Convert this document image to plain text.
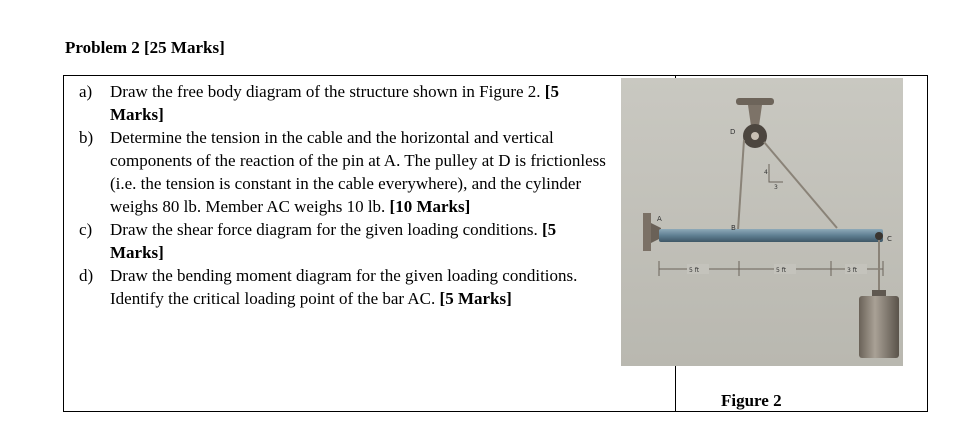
Problem 2 [25 Marks]
a)	Draw the free body diagram of the structure shown in Figure 2. [5 Marks]
b) Determine the tension in the cable and the horizontal and vertical components of the reaction of the pin at A. The pulley at D is frictionless (i.e. the tension is constant in the cable everywhere), and the cylinder weighs 80 lb. Member AC weighs 10 lb. [10 Marks]
c)	Draw the shear force diagram for the given loading conditions. [5 Marks]
d) Draw the bending moment diagram for the given loading conditions. Identify the critical loading point of the bar AC. [5 Marks]
4
3
A
B
C
D
5 ft	5 ft	3 ft
Figure 2
